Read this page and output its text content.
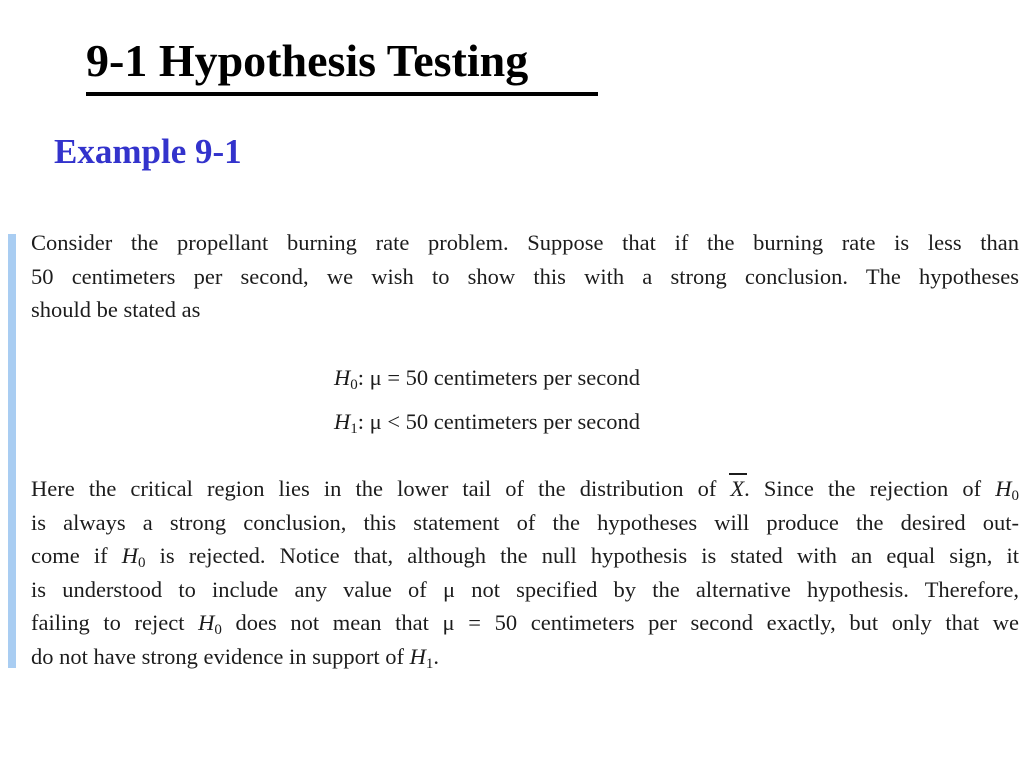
9-1 Hypothesis Testing
Example 9-1
Consider the propellant burning rate problem. Suppose that if the burning rate is less than
50 centimeters per second, we wish to show this with a strong conclusion. The hypotheses
should be stated as
$H_0$: μ = 50 centimeters per second
$H_1$: μ < 50 centimeters per second
Here the critical region lies in the lower tail of the distribution of X. Since the rejection of $H_0$
is always a strong conclusion, this statement of the hypotheses will produce the desired out-
come if $H_0$ is rejected. Notice that, although the null hypothesis is stated with an equal sign, it
is understood to include any value of μ not specified by the alternative hypothesis. Therefore,
failing to reject $H_0$ does not mean that μ = 50 centimeters per second exactly, but only that we
do not have strong evidence in support of $H_1$.
